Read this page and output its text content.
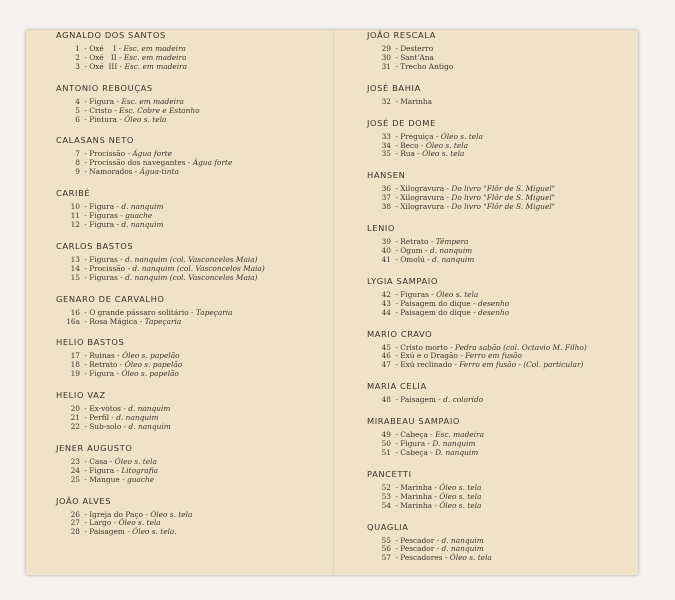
AGNALDO DOS SANTOS
1 - Oxé    I - Esc. em madeira
2 - Oxé   II - Esc. em madeira
3 - Oxé  III - Esc. em madeira
ANTONIO REBOUÇAS
4 - Figura - Esc. em madeira
5 - Cristo - Esc. Cobre e Estanho
6 - Pintura - Óleo s. tela
CALASANS NETO
7 - Procissão - Água forte
8 - Procissão dos navegantes - Água forte
9 - Namorados - Água-tinta
CARIBÉ
10 - Figura - d. nanquim
11 - Figuras - guache
12 - Figura - d. nanquim
CARLOS BASTOS
13 - Figuras - d. nanquim (col. Vasconcelos Maia)
14 - Procissão - d. nanquim (col. Vasconcelos Maia)
15 - Figuras - d. nanquim (col. Vasconcelos Maia)
GENARO DE CARVALHO
16 - O grande pássaro solitário - Tapeçaria
16a - Rosa Mágica - Tapeçaria
HELIO BASTOS
17 - Ruinas - Óleo s. papelão
18 - Retrato - Óleo s. papelão
19 - Figura - Óleo s. papelão
HELIO VAZ
20 - Ex-votos - d. nanquim
21 - Perfil - d. nanquim
22 - Sub-solo - d. nanquim
JENER AUGUSTO
23 - Casa - Óleo s. tela
24 - Figura - Litografia
25 - Mangue - guache
JOÃO ALVES
26 - Igreja do Paço - Óleo s. tela
27 - Largo - Óleo s. tela
28 - Paisagem - Óleo s. tela.
JOÃO RESCALA
29 - Desterro
30 - Sant'Ana
31 - Trecho Antigo
JOSÉ BAHIA
32 - Marinha
JOSÉ DE DOME
33 - Preguiça - Óleo s. tela
34 - Beco - Óleo s. tela
35 - Rua - Óleo s. tela
HANSEN
36 - Xilogravura - Do livro "Flôr de S. Miguel"
37 - Xilogravura - Do livro "Flôr de S. Miguel"
38 - Xilogravura - Do livro "Flôr de S. Miguel"
LENIO
39 - Retrato - Têmpera
40 - Ogum - d. nanquim
41 - Omolú - d. nanquim
LYGIA SAMPAIO
42 - Figuras - Óleo s. tela
43 - Paisagem do dique - desenho
44 - Paisagem do dique - desenho
MARIO CRAVO
45 - Cristo morto - Pedra sabão (col. Octavio M. Filho)
46 - Exú e o Dragão - Ferro em fusão
47 - Exú reclinado - Ferro em fusão - (Col. particular)
MARIA CELIA
48 - Paisagem - d. colorido
MIRABEAU SAMPAIO
49 - Cabeça - Esc. madeira
50 - Figura - D. nanquim
51 - Cabeça - D. nanquim
PANCETTI
52 - Marinha - Óleo s. tela
53 - Marinha - Óleo s. tela
54 - Marinha - Óleo s. tela
QUAGLIA
55 - Pescador - d. nanquim
56 - Pescador - d. nanquim
57 - Pescadores - Óleo s. tela
